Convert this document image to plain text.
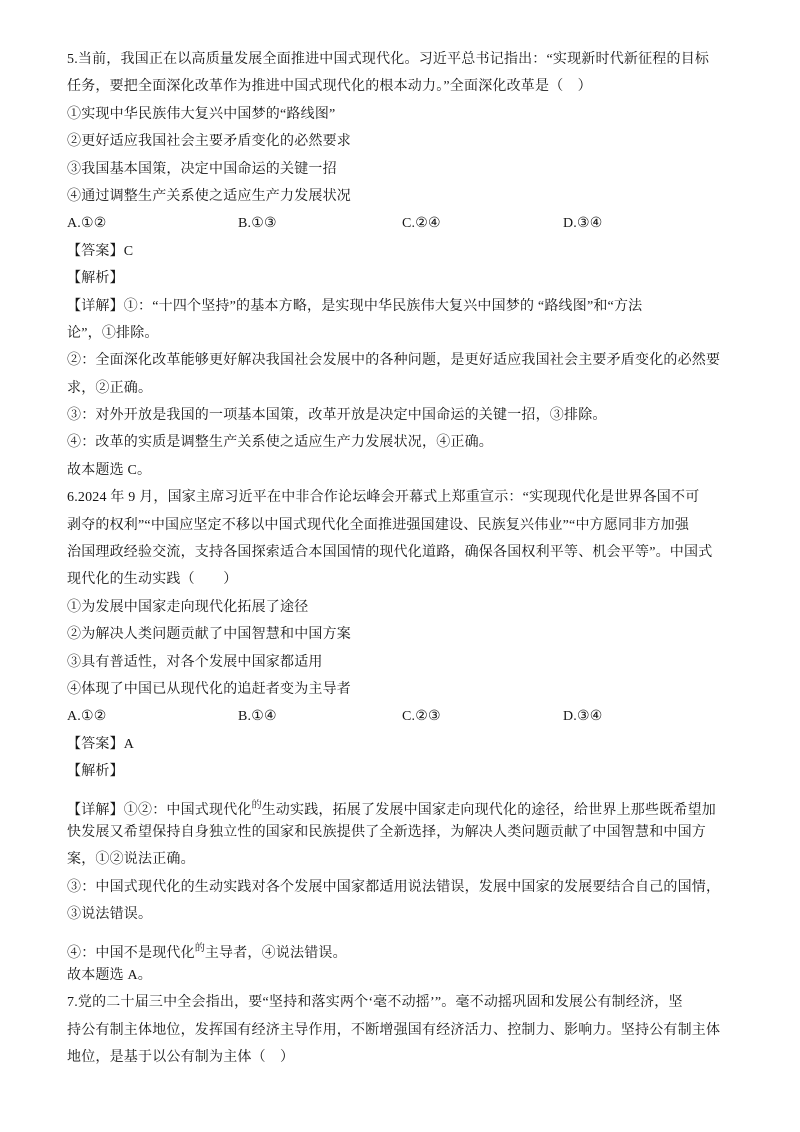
5.当前，我国正在以高质量发展全面推进中国式现代化。习近平总书记指出：“实现新时代新征程的目标
任务，要把全面深化改革作为推进中国式现代化的根本动力。”全面深化改革是（　）
①实现中华民族伟大复兴中国梦的“路线图”
②更好适应我国社会主要矛盾变化的必然要求
③我国基本国策，决定中国命运的关键一招
④通过调整生产关系使之适应生产力发展状况
A.①②	B.①③	C.②④	D.③④
【答案】C
【解析】
【详解】①：“十四个坚持”的基本方略，是实现中华民族伟大复兴中国梦的 “路线图”和“方法
论”，①排除。
②：全面深化改革能够更好解决我国社会发展中的各种问题，是更好适应我国社会主要矛盾变化的必然要
求，②正确。
③：对外开放是我国的一项基本国策，改革开放是决定中国命运的关键一招，③排除。
④：改革的实质是调整生产关系使之适应生产力发展状况，④正确。
故本题选 C。
6.2024 年 9 月，国家主席习近平在中非合作论坛峰会开幕式上郑重宣示：“实现现代化是世界各国不可
剥夺的权利”“中国应坚定不移以中国式现代化全面推进强国建设、民族复兴伟业”“中方愿同非方加强
治国理政经验交流，支持各国探索适合本国国情的现代化道路，确保各国权利平等、机会平等”。中国式
现代化的生动实践（　　）
①为发展中国家走向现代化拓展了途径
②为解决人类问题贡献了中国智慧和中国方案
③具有普适性，对各个发展中国家都适用
④体现了中国已从现代化的追赶者变为主导者
A.①②	B.①④	C.②③	D.③④
【答案】A
【解析】
【详解】①②：中国式现代化$^的$生动实践，拓展了发展中国家走向现代化的途径，给世界上那些既希望加
快发展又希望保持自身独立性的国家和民族提供了全新选择，为解决人类问题贡献了中国智慧和中国方
案，①②说法正确。
③：中国式现代化的生动实践对各个发展中国家都适用说法错误，发展中国家的发展要结合自己的国情，
③说法错误。
④：中国不是现代化$^的$主导者，④说法错误。
故本题选 A。
7.党的二十届三中全会指出，要“坚持和落实两个‘毫不动摇’”。毫不动摇巩固和发展公有制经济，坚
持公有制主体地位，发挥国有经济主导作用，不断增强国有经济活力、控制力、影响力。坚持公有制主体
地位，是基于以公有制为主体（　）
